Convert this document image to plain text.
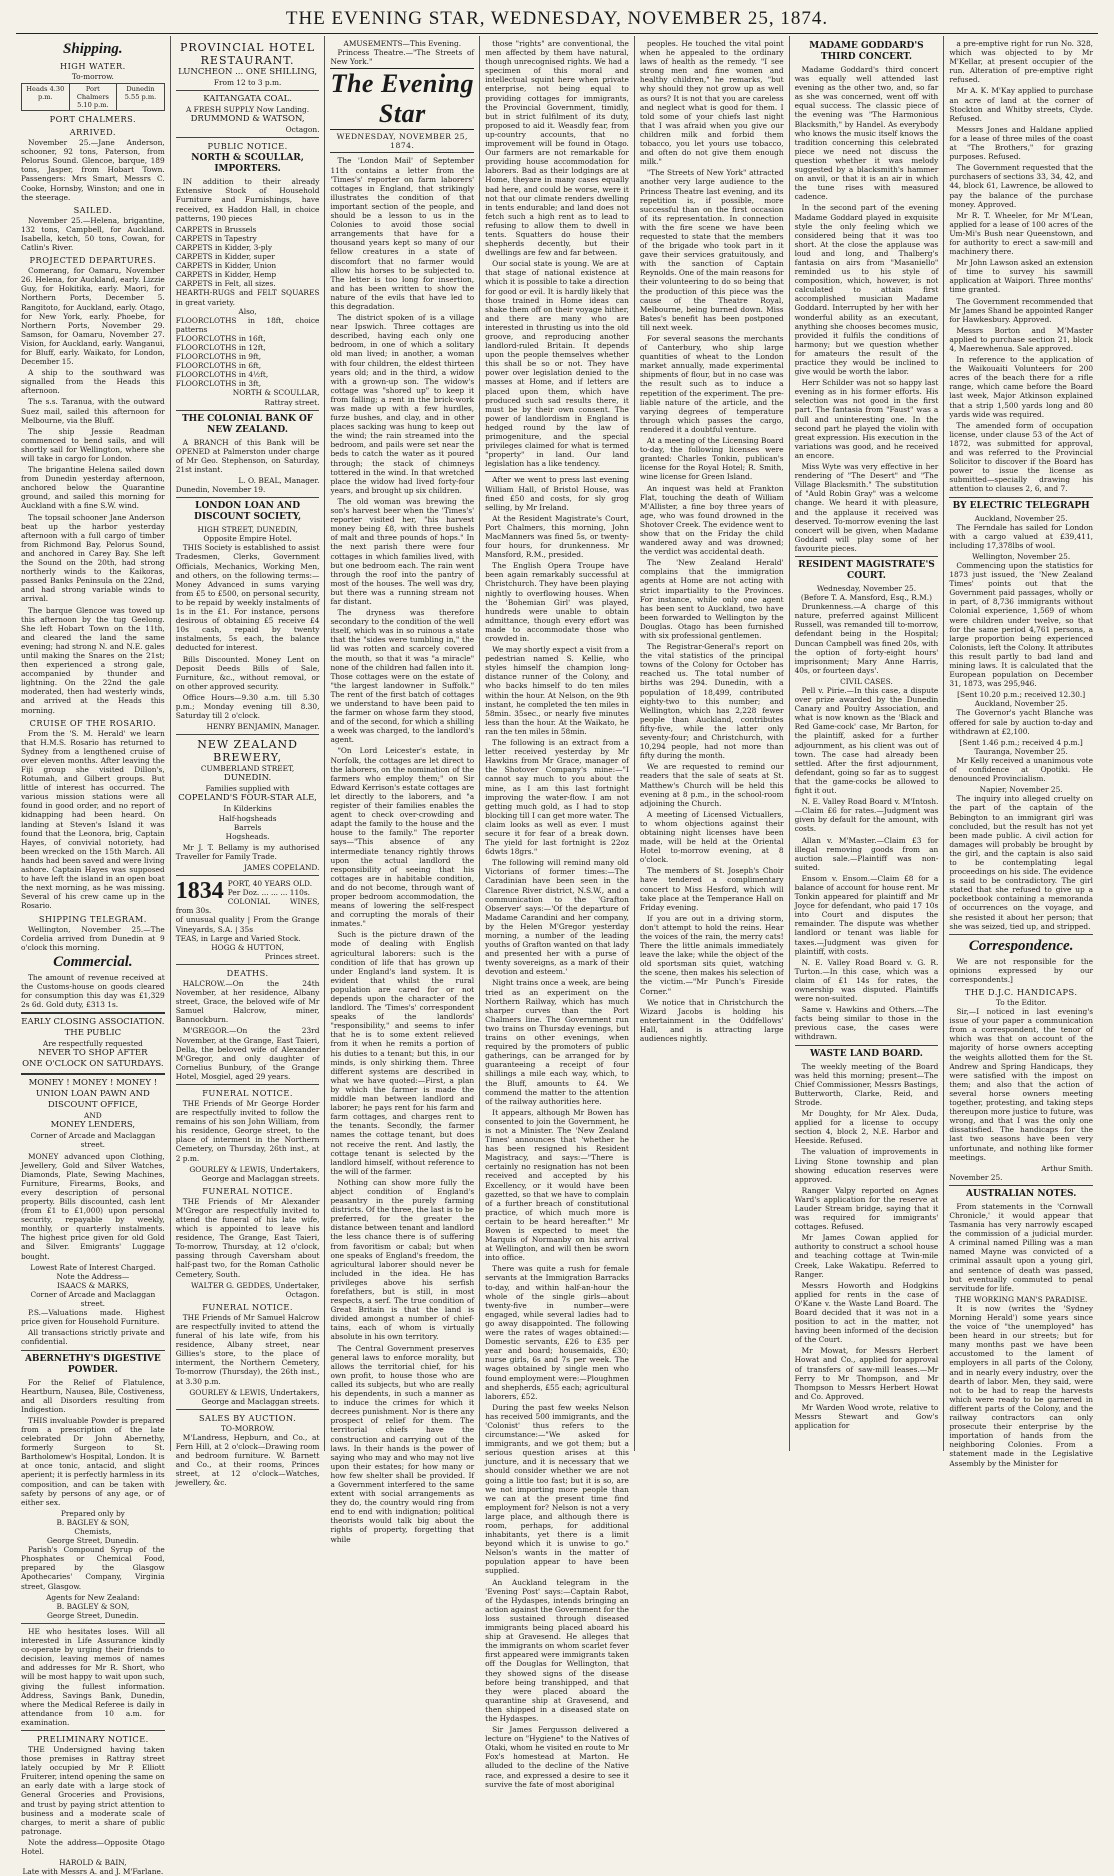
THE EVENING STAR, WEDNESDAY, NOVEMBER 25, 1874.
Shipping.
HIGH WATER.
To-morrow.
Heads 4.30 p.m.
Port Chalmers 5.10 p.m.
Dunedin 5.55 p.m.
PORT CHALMERS.
ARRIVED.

November 25.—Jane Anderson, schooner, 92 tons, Paterson, from Pelorus Sound. Glencoe, barque, 189 tons, Jasper, from Hobart Town. Passengers: Mrs Smart, Messrs C. Cooke, Hornsby, Winston; and one in the steerage.

SAILED.

November 25.—Helena, brigantine, 132 tons, Campbell, for Auckland. Isabella, ketch, 50 tons, Cowan, for Catlin's River.

PROJECTED DEPARTURES.

Comerang, for Oamaru, November 26. Helena, for Auckland, early. Lizzie Guy, for Hokitika, early. Maori, for Northern Ports, December 5. Rangitoto, for Auckland, early. Otago, for New York, early. Phoebe, for Northern Ports, November 29. Samson, for Oamaru, November 27. Vision, for Auckland, early. Wanganui, for Bluff, early. Waikato, for London, December 15.

A ship to the southward was signalled from the Heads this afternoon.

The s.s. Taranua, with the outward Suez mail, sailed this afternoon for Melbourne, via the Bluff.

The ship Jessie Readman commenced to bend sails, and will shortly sail for Wellington, where she will take in cargo for London.

The brigantine Helena sailed down from Dunedin yesterday afternoon, anchored below the Quarantine ground, and sailed this morning for Auckland with a fine S.W. wind.

The topsail schooner Jane Anderson beat up the harbor yesterday afternoon with a full cargo of timber from Richmond Bay, Pelorus Sound, and anchored in Carey Bay. She left the Sound on the 20th, had strong northerly winds to the Kaikoras, passed Banks Peninsula on the 22nd, and had strong variable winds to arrival.

The barque Glencoe was towed up this afternoon by the tug Geelong. She left Hobart Town on the 11th, and cleared the land the same evening; had strong N. and N.E. gales until making the Snares on the 21st; then experienced a strong gale, accompanied by thunder and lightning. On the 22nd the gale moderated, then had westerly winds, and arrived at the Heads this morning.

CRUISE OF THE ROSARIO.

From the 'S. M. Herald' we learn that H.M.S. Rosario has returned to Sydney from a lengthened cruise of over eleven months. After leaving the Fiji group she visited Dillon's, Rotumah, and Gilbert groups. But little of interest has occurred. The various mission stations were all found in good order, and no report of kidnapping had been heard. On landing at Steven's Island it was found that the Leonora, brig, Captain Hayes, of convivial notoriety, had been wrecked on the 15th March. All hands had been saved and were living ashore. Captain Hayes was supposed to have left the island in an open boat the next morning, as he was missing. Several of his crew came up in the Rosario.

SHIPPING TELEGRAM.

Wellington, November 25.—The Cordelia arrived from Dunedin at 9 o'clock this morning.

Commercial.

The amount of revenue received at the Customs-house on goods cleared for consumption this day was £1,329 2s 6d. Gold duty, £313 1s.

EARLY CLOSING ASSOCIATION.
THE PUBLIC
Are respectfully requested
NEVER TO SHOP AFTER
ONE O'CLOCK ON SATURDAYS.
MONEY ! MONEY ! MONEY !
UNION LOAN PAWN AND DISCOUNT OFFICE,
AND
MONEY LENDERS,
Corner of Arcade and Maclaggan street.

MONEY advanced upon Clothing, Jewellery, Gold and Silver Watches, Diamonds, Plate, Sewing Machines, Furniture, Firearms, Books, and every description of personal property. Bills discounted, cash lent (from £1 to £1,000) upon personal security, repayable by weekly, monthly, or quarterly instalments. The highest price given for old Gold and Silver. Emigrants' Luggage bought.

Lowest Rate of Interest Charged.
Note the Address—
ISAACS & MARKS,
Corner of Arcade and Maclaggan street.

P.S.—Valuations made. Highest price given for Household Furniture.

All transactions strictly private and confidential.

ABERNETHY'S DIGESTIVE POWDER.

For the Relief of Flatulence, Heartburn, Nausea, Bile, Costiveness, and all Disorders resulting from Indigestion.

THIS invaluable Powder is prepared from a prescription of the late celebrated Dr John Abernethy, formerly Surgeon to St. Bartholomew's Hospital, London. It is at once tonic, antacid, and slight aperient; it is perfectly harmless in its composition, and can be taken with safety by persons of any age, or of either sex.

Prepared only by
B. BAGLEY & SON,
Chemists,
George Street, Dunedin.

Parish's Compound Syrup of the Phosphates or Chemical Food, prepared by the Glasgow Apothecaries' Company, Virginia street, Glasgow.

Agents for New Zealand:
B. BAGLEY & SON,
George Street, Dunedin.

HE who hesitates loses. Will all interested in Life Assurance kindly co-operate by urging their friends to decision, leaving memos of names and addresses for Mr R. Short, who will be most happy to wait upon such, giving the fullest information. Address, Savings Bank, Dunedin, where the Medical Referee is daily in attendance from 10 a.m. for examination.

PRELIMINARY NOTICE.

THE Undersigned having taken those premises in Rattray street lately occupied by Mr P. Elliott Fruiterer, intend opening the same on an early date with a large stock of General Groceries and Provisions, and trust by paying strict attention to business and a moderate scale of charges, to merit a share of public patronage.

Note the address—Opposite Otago Hotel.

HAROLD & BAIN,
Late with Messrs A. and J. M'Farlane.
PROVINCIAL HOTEL RESTAURANT.
LUNCHEON ... ONE SHILLING,
From 12 to 3 p.m.
KAITANGATA COAL.
A FRESH SUPPLY Now Landing.
DRUMMOND & WATSON,
Octagon.
PUBLIC NOTICE.
NORTH & SCOULLAR, IMPORTERS.

IN addition to their already Extensive Stock of Household Furniture and Furnishings, have received, ex Haddon Hall, in choice patterns, 190 pieces

CARPETS in Brussels
CARPETS in Tapestry
CARPETS in Kidder, 3-ply
CARPETS in Kidder, super
CARPETS in Kidder, Union
CARPETS in Kidder, Hemp
CARPETS in Felt, all sizes.
HEARTH-RUGS and FELT SQUARES in great variety.
Also,
FLOORCLOTHS in 18ft, choice patterns
FLOORCLOTHS in 16ft,
FLOORCLOTHS in 12ft,
FLOORCLOTHS in 9ft,
FLOORCLOTHS in 6ft,
FLOORCLOTHS in 4½ft,
FLOORCLOTHS in 3ft,
NORTH & SCOULLAR,
Rattray street.
THE COLONIAL BANK OF NEW ZEALAND.

A BRANCH of this Bank will be OPENED at Palmerston under charge of Mr Geo. Stephenson, on Saturday, 21st instant.

L. O. BEAL, Manager.
Dunedin, November 19.
LONDON LOAN AND DISCOUNT SOCIETY,
HIGH STREET, DUNEDIN,
Opposite Empire Hotel.

THIS Society is established to assist Tradesmen, Clerks, Government Officials, Mechanics, Working Men, and others, on the following terms:— Money Advanced in sums varying from £5 to £500, on personal security, to be repaid by weekly instalments of 1s in the £1. For instance, persons desirous of obtaining £5 receive £4 10s cash, repaid by twenty instalments, 5s each, the balance deducted for interest.

Bills Discounted. Money Lent on Deposit Deeds Bills of Sale, Furniture, &c., without removal, or on other approved security.

Office Hours—9.30 a.m. till 5.30 p.m.; Monday evening till 8.30, Saturday till 2 o'clock.

HENRY BENJAMIN, Manager.
NEW ZEALAND BREWERY,
CUMBERLAND STREET,
DUNEDIN.
Families supplied with
COPELAND'S FOUR-STAR ALE,
In Kilderkins
Half-hogsheads
Barrels
Hogsheads.

Mr J. T. Bellamy is my authorised Traveller for Family Trade.

JAMES COPELAND.
1834 PORT, 40 YEARS OLD.
Per Doz. ... ... ... 110s.
COLONIAL WINES, from 30s.
of unusual quality | From the Grange Vineyards, S.A. | 35s
TEAS, in Large and Varied Stock.
HOGG & HUTTON,
Princes street.
DEATHS.

HALCROW.—On the 24th November, at her residence, Albany street, Grace, the beloved wife of Mr Samuel Halcrow, miner, Bannockburn.

M'GREGOR.—On the 23rd November, at the Grange, East Taieri, Della, the beloved wife of Alexander M'Gregor, and only daughter of Cornelius Bunbury, of the Grange Hotel, Mosgiel, aged 29 years.

FUNERAL NOTICE.

THE Friends of Mr George Horder are respectfully invited to follow the remains of his son John William, from his residence, George street, to the place of interment in the Northern Cemetery, on Thursday, 26th inst., at 2 p.m.

GOURLEY & LEWIS, Undertakers, George and Maclaggan streets.
FUNERAL NOTICE.

THE Friends of Mr Alexander M'Gregor are respectfully invited to attend the funeral of his late wife, which is appointed to leave his residence, The Grange, East Taieri, To-morrow, Thursday, at 12 o'clock, passing through Caversham about half-past two, for the Roman Catholic Cemetery, South.

WALTER G. GEDDES, Undertaker, Octagon.
FUNERAL NOTICE.

THE Friends of Mr Samuel Halcrow are respectfully invited to attend the funeral of his late wife, from his residence, Albany street, near Gillies's store, to the place of interment, the Northern Cemetery, To-morrow (Thursday), the 26th inst., at 3.30 p.m.

GOURLEY & LEWIS, Undertakers, George and Maclaggan streets.
SALES BY AUCTION.
TO-MORROW.

M'Landress, Hepburn, and Co., at Fern Hill, at 2 o'clock—Drawing room and bedroom furniture. W. Barnett and Co., at their rooms, Princes street, at 12 o'clock—Watches, jewellery, &c.

AMUSEMENTS—This Evening.

Princess Theatre.—"The Streets of New York."

The Evening Star
WEDNESDAY, NOVEMBER 25, 1874.

The 'London Mail' of September 11th contains a letter from the 'Times's' reporter on farm laborers' cottages in England, that strikingly illustrates the condition of that important section of the people, and should be a lesson to us in the Colonies to avoid those social arrangements that have for a thousand years kept so many of our fellow creatures in a state of discomfort that no farmer would allow his horses to be subjected to. The letter is too long for insertion, and has been written to show the nature of the evils that have led to this degradation.

The district spoken of is a village near Ipswich. Three cottages are described, having each only one bedroom, in one of which a solitary old man lived; in another, a woman with four children, the eldest thirteen years old; and in the third, a widow with a grown-up son. The widow's cottage was "shored up" to keep it from falling; a rent in the brick-work was made up with a few hurdles, furze bushes, and clay, and in other places sacking was hung to keep out the wind; the rain streamed into the bedroom, and pails were set near the beds to catch the water as it poured through; the stack of chimneys tottered in the wind. In that wretched place the widow had lived forty-four years, and brought up six children.

The old woman was brewing the son's harvest beer when the 'Times's' reporter visited her, "his harvest money being £8, with three bushels of malt and three pounds of hops." In the next parish there were four cottages in which families lived, with but one bedroom each. The rain went through the roof into the pantry of most of the houses. The well was dry, but there was a running stream not far distant.

The dryness was therefore secondary to the condition of the well itself, which was in so ruinous a state that the "sides were tumbling in," the lid was rotten and scarcely covered the mouth, so that it was "a miracle" none of the children had fallen into it. Those cottages were on the estate of "the largest landowner in Suffolk." The rent of the first batch of cottages we understand to have been paid to the farmer on whose farm they stood, and of the second, for which a shilling a week was charged, to the landlord's agent.

"On Lord Leicester's estate, in Norfolk, the cottages are let direct to the laborers, on the nomination of the farmers who employ them;" on Sir Edward Kerrison's estate cottages are let directly to the laborers, and "a register of their families enables the agent to check over-crowding and adapt the family to the house and the house to the family." The reporter says—"This absence of any intermediate tenancy rightly throws upon the actual landlord the responsibility of seeing that his cottages are in habitable condition, and do not become, through want of proper bedroom accommodation, the means of lowering the self-respect and corrupting the morals of their inmates."

Such is the picture drawn of the mode of dealing with English agricultural laborers: such is the condition of life that has grown up under England's land system. It is evident that whilst the rural population are cared for or not depends upon the character of the landlord. The 'Times's' correspondent speaks of the landlords' "responsibility," and seems to infer that he is to some extent relieved from it when he remits a portion of his duties to a tenant; but this, in our minds, is only shirking them. Three different systems are described in what we have quoted:—First, a plan by which the farmer is made the middle man between landlord and laborer; he pays rent for his farm and farm cottages, and charges rent to the tenants. Secondly, the farmer names the cottage tenant, but does not receive the rent. And lastly, the cottage tenant is selected by the landlord himself, without reference to the will of the farmer.

Nothing can show more fully the abject condition of England's peasantry in the purely farming districts. Of the three, the last is to be preferred, for the greater the distance between tenant and landlord the less chance there is of suffering from favoritism or cabal; but when one speaks of England's freedom, the agricultural laborer should never be included in the idea. He has privileges above his serfish forefathers, but is still, in most respects, a serf. The true condition of Great Britain is that the land is divided amongst a number of chief-tains, each of whom is virtually absolute in his own territory.

The Central Government preserves general laws to enforce morality, but allows the territorial chief, for his own profit, to house those who are called its subjects, but who are really his dependents, in such a manner as to induce the crimes for which it decrees punishment. Nor is there any prospect of relief for them. The territorial chiefs have the construction and carrying out of the laws. In their hands is the power of saying who may and who may not live upon their estates; for how many or how few shelter shall be provided. If a Government interfered to the same extent with social arrangements as they do, the country would ring from end to end with indignation; political theorists would talk big about the rights of property, forgetting that while

those "rights" are conventional, the men affected by them have natural, though unrecognised rights. We had a specimen of this moral and intellectual squint here when private enterprise, not being equal to providing cottages for immigrants, the Provincial Government, timidly, but in strict fulfilment of its duty, proposed to aid it. Weasdly fear, from up-country accounts, that no improvement will be found in Otago. Our farmers are not remarkable for providing house accommodation for laborers. Bad as their lodgings are at Home, theyare in many cases equally bad here, and could be worse, were it not that our climate renders dwelling in tents endurable; and land does not fetch such a high rent as to lead to refusing to allow them to dwell in tents. Squatters do house their shepherds decently, but their dwellings are few and far between.

Our social state is young. We are at that stage of national existence at which it is possible to take a direction for good or evil. It is hardly likely that those trained in Home ideas can shake them off on their voyage hither, and there are many who are interested in thrusting us into the old groove, and reproducing another landlord-ruled Britain. It depends upon the people themselves whether this shall be so or not. They have power over legislation denied to the masses at Home, and if letters are placed upon them, which have produced such sad results there, it must be by their own consent. The power of landlordism in England is hedged round by the law of primogeniture, and the special privileges claimed for what is termed "property" in land. Our land legislation has a like tendency.

After we went to press last evening William Hall, of Bristol House, was fined £50 and costs, for sly grog selling, by Mr Ireland.

At the Resident Magistrate's Court, Port Chalmers, this morning, John MacManners was fined 5s, or twenty-four hours, for drunkenness. Mr Mansford, R.M., presided.

The English Opera Troupe have been again remarkably successful at Christchurch. They have been playing nightly to overflowing houses. When the 'Bohemian Girl' was played, hundreds were unable to obtain admittance, though every effort was made to accommodate those who crowded in.

We may shortly expect a visit from a pedestrian named S. Kellie, who styles himself the champion long-distance runner of the Colony, and who backs himself to do ten miles within the hour. At Nelson, on the 9th instant, he completed the ten miles in 58min. 35sec., or nearly five minutes less than the hour. At the Waikato, he ran the ten miles in 58min.

The following is an extract from a letter received yesterday by Mr Hawkins from Mr Grace, manager of the Shotover Company's mine:—"I cannot say much to you about the mine, as I am this last fortnight improving the water-flow. I am not getting much gold, as I had to stop blocking till I can get more water. The claim looks as well as ever. I must secure it for fear of a break down. The yield for last fortnight is 22oz 6dwts 18grs."

The following will remind many old Victorians of former times:—The Caradinian have been seen in the Clarence River district, N.S.W., and a communication to the 'Grafton Observer' says:—'Of the departure of Madame Carandini and her company, by the Helen M'Gregor yesterday morning, a number of the leading youths of Grafton wanted on that lady and presented her with a purse of twenty sovereigns, as a mark of their devotion and esteem.'

Night trains once a week, are being tried as an experiment on the Northern Railway, which has much sharper curves than the Port Chalmers line. The Government run two trains on Thursday evenings, but trains on other evenings, when required by the promoters of public gatherings, can be arranged for by guaranteeing a receipt of four shillings a mile each way, which, to the Bluff, amounts to £4. We commend the matter to the attention of the railway authorities here.

It appears, although Mr Bowen has consented to join the Government, he is not a Minister. The 'New Zealand Times' announces that 'whether he has been resigned his Resident Magistracy, and says:—"There is certainly no resignation has not been received and accepted by his Excellency, or it would have been gazetted, so that we have to complain of a further breach of constitutional practice, of which much more is certain to be heard hereafter."' Mr Bowen is expected to meet the Marquis of Normanby on his arrival at Wellington, and will then be sworn into office.

There was quite a rush for female servants at the Immigration Barracks to-day, and within half-an-hour the whole of the single girls—about twenty-five in number—were engaged, while several ladies had to go away disappointed. The following were the rates of wages obtained:—Domestic servants, £26 to £35 per year and board; housemaids, £30; nurse girls, 6s and 7s per week. The wages obtained by single men who found employment were:—Ploughmen and shepherds, £55 each; agricultural laborers, £52.

During the past few weeks Nelson has received 500 immigrants, and the 'Colonist' thus refers to the circumstance:—"We asked for immigrants, and we got them; but a serious question arises at this juncture, and it is necessary that we should consider whether we are not going a little too fast; but it is so, are we not importing more people than we can at the present time find employment for? Nelson is not a very large place, and although there is room, perhaps, for additional inhabitants, yet there is a limit beyond which it is unwise to go." Nelson's wants in the matter of population appear to have been supplied.

An Auckland telegram in the 'Evening Post' says:—Captain Rabot, of the Hydaspes, intends bringing an action against the Government for the loss sustained through diseased immigrants being placed aboard his ship at Gravesend. He alleges that the immigrants on whom scarlet fever first appeared were immigrants taken off the Douglas for Wellington, that they showed signs of the disease before being transhipped, and that they were placed aboard the quarantine ship at Gravesend, and then shipped in a diseased state on the Hydaspes.

Sir James Fergusson delivered a lecture on "Hygiene" to the Natives of Otaki, whom he visited en route to Mr Fox's homestead at Marton. He alluded to the decline of the Native race, and expressed a desire to see it survive the fate of most aboriginal

peoples. He touched the vital point when he appealed to the ordinary laws of health as the remedy. "I see strong men and fine women and healthy children," he remarks, "but why should they not grow up as well as ours? It is not that you are careless and neglect what is good for them. I told some of your chiefs last night that I was afraid when you give our children milk and forbid them tobacco, you let yours use tobacco, and often do not give them enough milk."

"The Streets of New York" attracted another very large audience to the Princess Theatre last evening, and its repetition is, if possible, more successful than on the first occasion of its representation. In connection with the fire scene we have been requested to state that the members of the brigade who took part in it gave their services gratuitously, and with the sanction of Captain Reynolds. One of the main reasons for their volunteering to do so being that the production of this piece was the cause of the Theatre Royal, Melbourne, being burned down. Miss Bates's benefit has been postponed till next week.

For several seasons the merchants of Canterbury, who ship large quantities of wheat to the London market annually, made experimental shipments of flour, but in no case was the result such as to induce a repetition of the experiment. The pre-liable nature of the article, and the varying degrees of temperature through which passes the cargo, rendered it a doubtful venture.

At a meeting of the Licensing Board to-day, the following licenses were granted: Charles Tonkin, publican's license for the Royal Hotel; R. Smith, wine license for Green Island.

An inquest was held at Frankton Flat, touching the death of William M'Allister, a fine boy three years of age, who was found drowned in the Shotover Creek. The evidence went to show that on the Friday the child wandered away and was drowned; the verdict was accidental death.

The 'New Zealand Herald' complains that the immigration agents at Home are not acting with strict impartiality to the Provinces. For instance, while only one agent has been sent to Auckland, two have been forwarded to Wellington by the Douglas. Otago has been furnished with six professional gentlemen.

The Registrar-General's report on the vital statistics of the principal towns of the Colony for October has reached us. The total number of births was 294. Dunedin, with a population of 18,499, contributed eighty-two to this number; and Wellington, which has 2,228 fewer people than Auckland, contributes fifty-five, while the latter only seventy-four; and Christchurch, with 10,294 people, had not more than fifty during the month.

We are requested to remind our readers that the sale of seats at St. Matthew's Church will be held this evening at 8 p.m., in the school-room adjoining the Church.

A meeting of Licensed Victuallers, to whom objections against their obtaining night licenses have been made, will be held at the Oriental Hotel to-morrow evening, at 8 o'clock.

The members of St. Joseph's Choir have tendered a complimentary concert to Miss Hesford, which will take place at the Temperance Hall on Friday evening.

If you are out in a driving storm, don't attempt to hold the reins. Hear the voices of the rain, the merry cats! There the little animals immediately leave the lake; while the object of the old sportsman sits quiet, watching the scene, then makes his selection of the victim.—"Mr Punch's Fireside Corner."

We notice that in Christchurch the Wizard Jacobs is holding his entertainment in the Oddfellows' Hall, and is attracting large audiences nightly.

MADAME GODDARD'S THIRD CONCERT.

Madame Goddard's third concert was equally well attended last evening as the other two, and, so far as she was concerned, went off with equal success. The classic piece of the evening was "The Harmonious Blacksmith," by Handel. As everybody who knows the music itself knows the tradition concerning this celebrated piece we need not discuss the question whether it was melody suggested by a blacksmith's hammer on anvil, or that it is an air in which the tune rises with measured cadence.

In the second part of the evening Madame Goddard played in exquisite style the only feeling which we considered being that it was too short. At the close the applause was loud and long, and Thalberg's fantasia on airs from "Masaniello" reminded us to his style of composition, which, however, is not calculated to attain first accomplished musician Madame Goddard. Interrupted by her with her wonderful ability as an executant, anything she chooses becomes music, provided it fulfils the conditions of harmony; but we question whether for amateurs the result of the practice they would be inclined to give would be worth the labor.

Herr Schilder was not so happy last evening as in his former efforts. His selection was not good in the first part. The fantasia from "Faust" was a dull and uninteresting one. In the second part he played the violin with great expression. His execution in the variations was good, and he received an encore.

Miss Wyte was very effective in her rendering of "The Desert" and "The Village Blacksmith." The substitution of "Auld Robin Gray" was a welcome change. We heard it with pleasure, and the applause it received was deserved. To-morrow evening the last concert will be given, when Madame Goddard will play some of her favourite pieces.

RESIDENT MAGISTRATE'S COURT.
Wednesday, November 25.
(Before T. A. Mansford, Esq., R.M.)

Drunkenness.—A charge of this nature, preferred against Millicent Russell, was remanded till to-morrow, defendant being in the Hospital; Duncan Campbell was fined 20s, with the option of forty-eight hours' imprisonment; Mary Anne Harris, 40s, or fourteen days'.

CIVIL CASES.

Pell v. Pirie.—In this case, a dispute over prize awarded by the Dunedin Canary and Poultry Association, and what is now known as the 'Black and Red Game-cock' case, Mr Barton, for the plaintiff, asked for a further adjournment, as his client was out of town. The case had already been settled. After the first adjournment, defendant, going so far as to suggest that the game-cocks be allowed to fight it out.

N. E. Valley Road Board v. M'Intosh.—Claim £6 for rates.—Judgment was given by default for the amount, with costs.

Allan v. M'Master.—Claim £3 for illegal removing goods from an auction sale.—Plaintiff was non-suited.

Ensom v. Ensom.—Claim £8 for a balance of account for house rent. Mr Tonkin appeared for plaintiff and Mr Joyce for defendant, who paid 17 10s into Court and disputes the remainder. The dispute was whether landlord or tenant was liable for taxes.—Judgment was given for plaintiff, with costs.

N. E. Valley Road Board v. G. R. Turton.—In this case, which was a claim of £1 14s for rates, the ownership was disputed. Plaintiffs were non-suited.

Same v. Hawkins and Others.—The facts being similar to those in the previous case, the cases were withdrawn.

WASTE LAND BOARD.

The weekly meeting of the Board was held this morning; present—The Chief Commissioner, Messrs Bastings, Butterworth, Clarke, Reid, and Strode.

Mr Doughty, for Mr Alex. Duda, applied for a license to occupy section 4, block 2, N.E. Harbor and Heeside. Refused.

The valuation of improvements in Living Stone township and plan showing education reserves were approved.

Ranger Valpy reported on Agnes Ward's application for the reserve at Lauder Stream bridge, saying that it was required for immigrants' cottages. Refused.

Mr James Cowan applied for authority to construct a school house and teaching cottage at Twin-mile Creek, Lake Wakatipu. Referred to Ranger.

Messrs Howorth and Hodgkins applied for rents in the case of O'Kane v. the Waste Land Board. The Board decided that it was not in a position to act in the matter, not having been informed of the decision of the Court.

Mr Mowat, for Messrs Herbert Howat and Co., applied for approval of transfers of saw-mill leases.—Mr Ferry to Mr Thompson, and Mr Thompson to Messrs Herbert Howat and Co. Approved.

Mr Warden Wood wrote, relative to Messrs Stewart and Gow's application for

a pre-emptive right for run No. 328, which was objected to by Mr M'Kellar, at present occupier of the run. Alteration of pre-emptive right refused.

Mr A. K. M'Kay applied to purchase an acre of land at the corner of Stockton and Whitby streets, Clyde. Refused.

Messrs Jones and Haldane applied for a lease of three miles of the coast at "The Brothers," for grazing purposes. Refused.

The Government requested that the purchasers of sections 33, 34, 42, and 44, block 61, Lawrence, be allowed to pay the balance of the purchase money. Approved.

Mr R. T. Wheeler, for Mr M'Lean, applied for a lease of 100 acres of the Um-Mi's Bush near Queenstown, and for authority to erect a saw-mill and machinery there.

Mr John Lawson asked an extension of time to survey his sawmill application at Waipori. Three months' time granted.

The Government recommended that Mr James Shand be appointed Ranger for Hawkesbury. Approved.

Messrs Borton and M'Master applied to purchase section 21, block 4, Maerewhenua. Sale approved.

In reference to the application of the Waikouaiti Volunteers for 200 acres of the beach there for a rifle range, which came before the Board last week, Major Atkinson explained that a strip 1,500 yards long and 80 yards wide was required.

The amended form of occupation license, under clause 53 of the Act of 1872, was submitted for approval, and was referred to the Provincial Solicitor to discover if the Board has power to issue the license as submitted—specially drawing his attention to clauses 2, 6, and 7.

BY ELECTRIC TELEGRAPH
Auckland, November 25.

The Ferndale has sailed for London with a cargo valued at £39,411, including 17,378lbs of wool.

Wellington, November 25.

Commencing upon the statistics for 1873 just issued, the 'New Zealand Times' points out that the Government paid passages, wholly or in part, of 8,736 immigrants without Colonial experience, 1,569 of whom were children under twelve, so that for the same period 4,761 persons, a large proportion being experienced Colonists, left the Colony. It attributes this result partly to bad land and mining laws. It is calculated that the European population on December 31, 1873, was 295,946.

[Sent 10.20 p.m.; received 12.30.]
Auckland, November 25.

The Governor's yacht Blanche was offered for sale by auction to-day and withdrawn at £2,100.

[Sent 1.46 p.m.; received 4 p.m.]
Tauranga, November 25.

Mr Kelly received a unanimous vote of confidence at Opotiki. He denounced Provincialism.

Napier, November 25.

The inquiry into alleged cruelty on the part of the captain of the Bebington to an immigrant girl was concluded, but the result has not yet been made public. A civil action for damages will probably be brought by the girl, and the captain is also said to be contemplating legal proceedings on his side. The evidence is said to be contradictory. The girl stated that she refused to give up a pocketbook containing a memoranda of occurrences on the voyage, and she resisted it about her person; that she was seized, tied up, and stripped.

Correspondence.

We are not responsible for the opinions expressed by our correspondents.]

THE D.J.C. HANDICAPS.
To the Editor.

Sir,—I noticed in last evening's issue of your paper a communication from a correspondent, the tenor of which was that on account of the majority of horse owners accepting the weights allotted them for the St. Andrew and Spring Handicaps, they were satisfied with the impost on them; and also that the action of several horse owners meeting together, protesting, and taking steps thereupon more justice to future, was wrong, and that I was the only one dissatisfied. The handicaps for the last two seasons have been very unfortunate, and nothing like former meetings.

Arthur Smith.
November 25.
AUSTRALIAN NOTES.

From statements in the 'Cornwall Chronicle,' it would appear that Tasmania has very narrowly escaped the commission of a judicial murder. A criminal named Pilling was a man named Mayne was convicted of a criminal assault upon a young girl, and sentence of death was passed, but eventually commuted to penal servitude for life.

THE WORKING MAN'S PARADISE.

It is now (writes the 'Sydney Morning Herald') some years since the voice of "the unemployed" has been heard in our streets; but for many months past we have been accustomed to the lament of employers in all parts of the Colony, and in nearly every industry, over the dearth of labor. Men, they said, were not to be had to reap the harvests which were ready to be garnered in different parts of the Colony, and the railway contractors can only prosecute their enterprise by the importation of hands from the neighboring Colonies. From a statement made in the Legislative Assembly by the Minister for
